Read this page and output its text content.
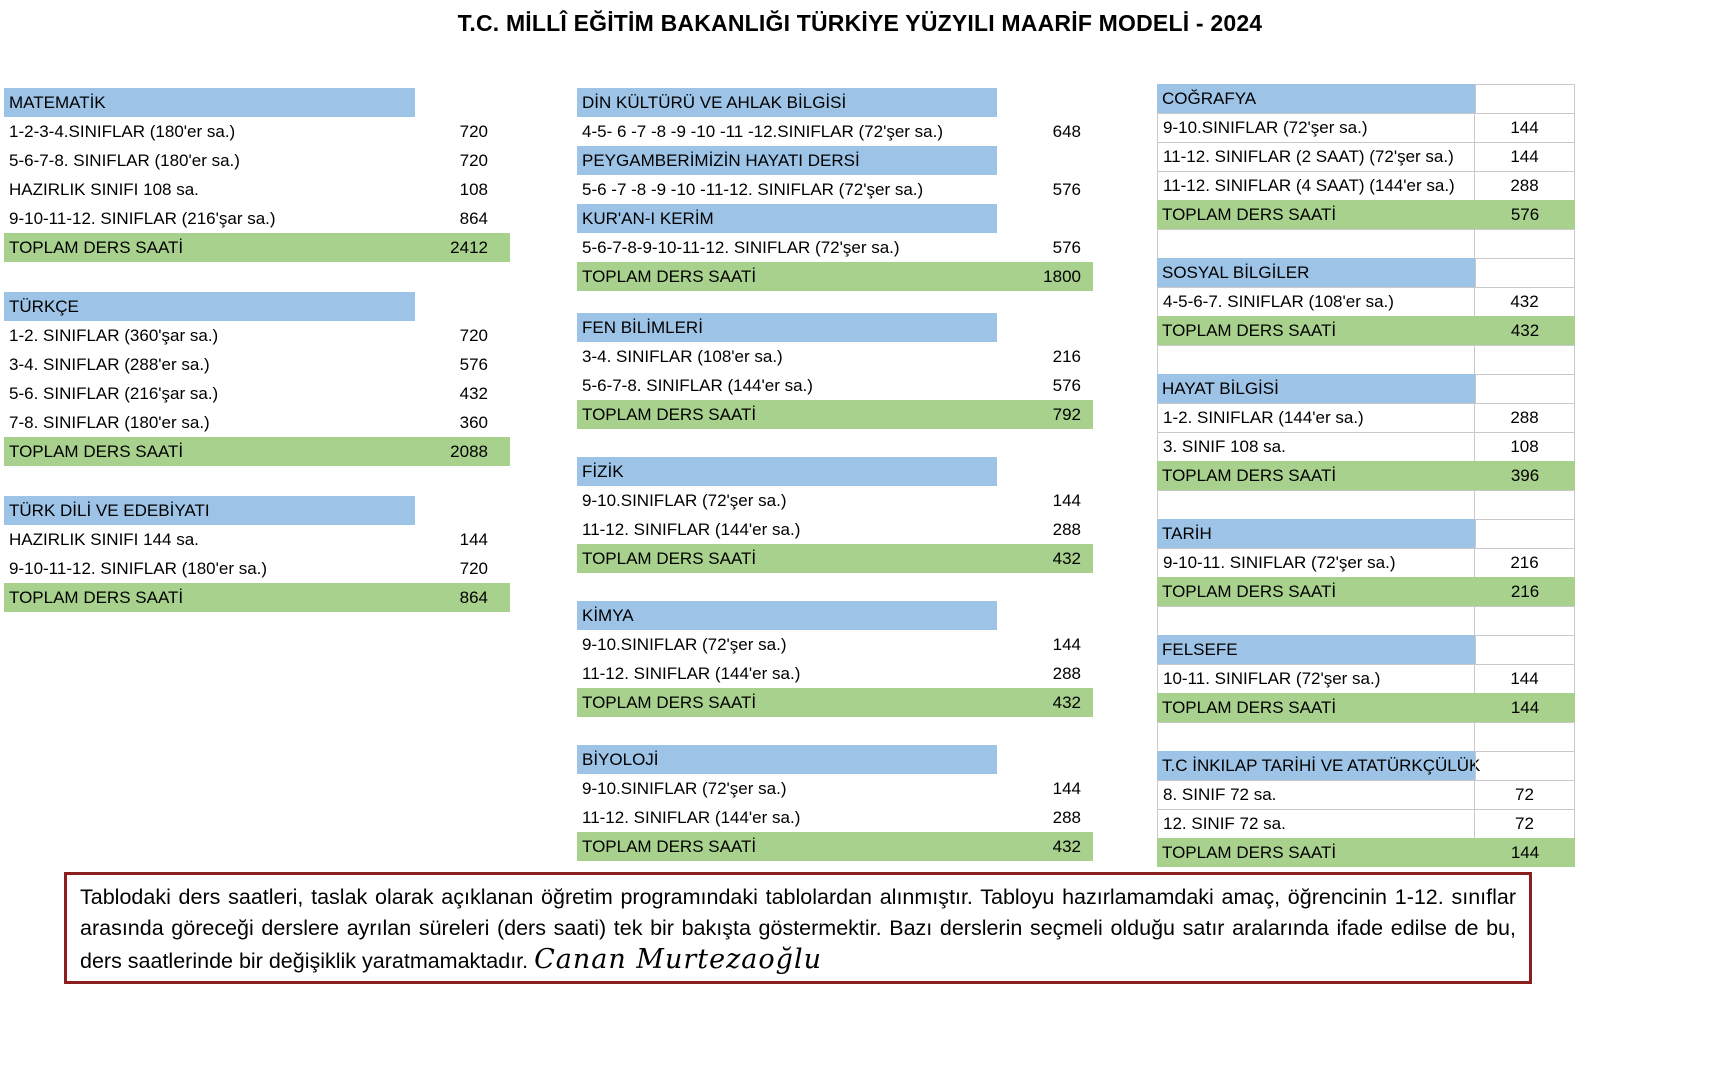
T.C. MİLLÎ EĞİTİM BAKANLIĞI TÜRKİYE YÜZYILI MAARİF MODELİ - 2024
MATEMATİK
1-2-3-4.SINIFLAR (180'er sa.)	720
5-6-7-8. SINIFLAR (180'er sa.)	720
HAZIRLIK SINIFI 108 sa.	108
9-10-11-12. SINIFLAR (216'şar sa.)	864
TOPLAM DERS SAATİ	2412
TÜRKÇE
1-2. SINIFLAR (360'şar sa.)	720
3-4. SINIFLAR (288'er sa.)	576
5-6. SINIFLAR (216'şar sa.)	432
7-8. SINIFLAR (180'er sa.)	360
TOPLAM DERS SAATİ	2088
TÜRK DİLİ VE EDEBİYATI
HAZIRLIK SINIFI 144 sa.	144
9-10-11-12. SINIFLAR (180'er sa.)	720
TOPLAM DERS SAATİ	864
DİN KÜLTÜRÜ VE AHLAK BİLGİSİ
4-5- 6 -7 -8 -9 -10 -11 -12.SINIFLAR (72'şer sa.)	648
PEYGAMBERİMİZİN HAYATI DERSİ
5-6 -7 -8 -9 -10 -11-12. SINIFLAR (72'şer sa.)	576
KUR'AN-I KERİM
5-6-7-8-9-10-11-12. SINIFLAR (72'şer sa.)	576
TOPLAM DERS SAATİ	1800
FEN BİLİMLERİ
3-4. SINIFLAR (108'er sa.)	216
5-6-7-8. SINIFLAR (144'er sa.)	576
TOPLAM DERS SAATİ	792
FİZİK
9-10.SINIFLAR (72'şer sa.)	144
11-12. SINIFLAR (144'er sa.)	288
TOPLAM DERS SAATİ	432
KİMYA
9-10.SINIFLAR (72'şer sa.)	144
11-12. SINIFLAR (144'er sa.)	288
TOPLAM DERS SAATİ	432
BİYOLOJİ
9-10.SINIFLAR (72'şer sa.)	144
11-12. SINIFLAR (144'er sa.)	288
TOPLAM DERS SAATİ	432
COĞRAFYA
9-10.SINIFLAR (72'şer sa.)	144
11-12. SINIFLAR (2 SAAT) (72'şer sa.)	144
11-12. SINIFLAR (4 SAAT) (144'er sa.)	288
TOPLAM DERS SAATİ	576
SOSYAL BİLGİLER
4-5-6-7. SINIFLAR (108'er sa.)	432
TOPLAM DERS SAATİ	432
HAYAT BİLGİSİ
1-2. SINIFLAR (144'er sa.)	288
3. SINIF 108 sa.	108
TOPLAM DERS SAATİ	396
TARİH
9-10-11. SINIFLAR (72'şer sa.)	216
TOPLAM DERS SAATİ	216
FELSEFE
10-11. SINIFLAR (72'şer sa.)	144
TOPLAM DERS SAATİ	144
T.C İNKILAP TARİHİ VE ATATÜRKÇÜLÜK
8. SINIF 72 sa.	72
12. SINIF 72 sa.	72
TOPLAM DERS SAATİ	144
Tablodaki ders saatleri, taslak olarak açıklanan öğretim programındaki tablolardan alınmıştır. Tabloyu hazırlamamdaki amaç, öğrencinin 1-12. sınıflar arasında göreceği derslere ayrılan süreleri (ders saati) tek bir bakışta göstermektir. Bazı derslerin seçmeli olduğu satır aralarında ifade edilse de bu, ders saatlerinde bir değişiklik yaratmamaktadır. Canan Murtezaoğlu
